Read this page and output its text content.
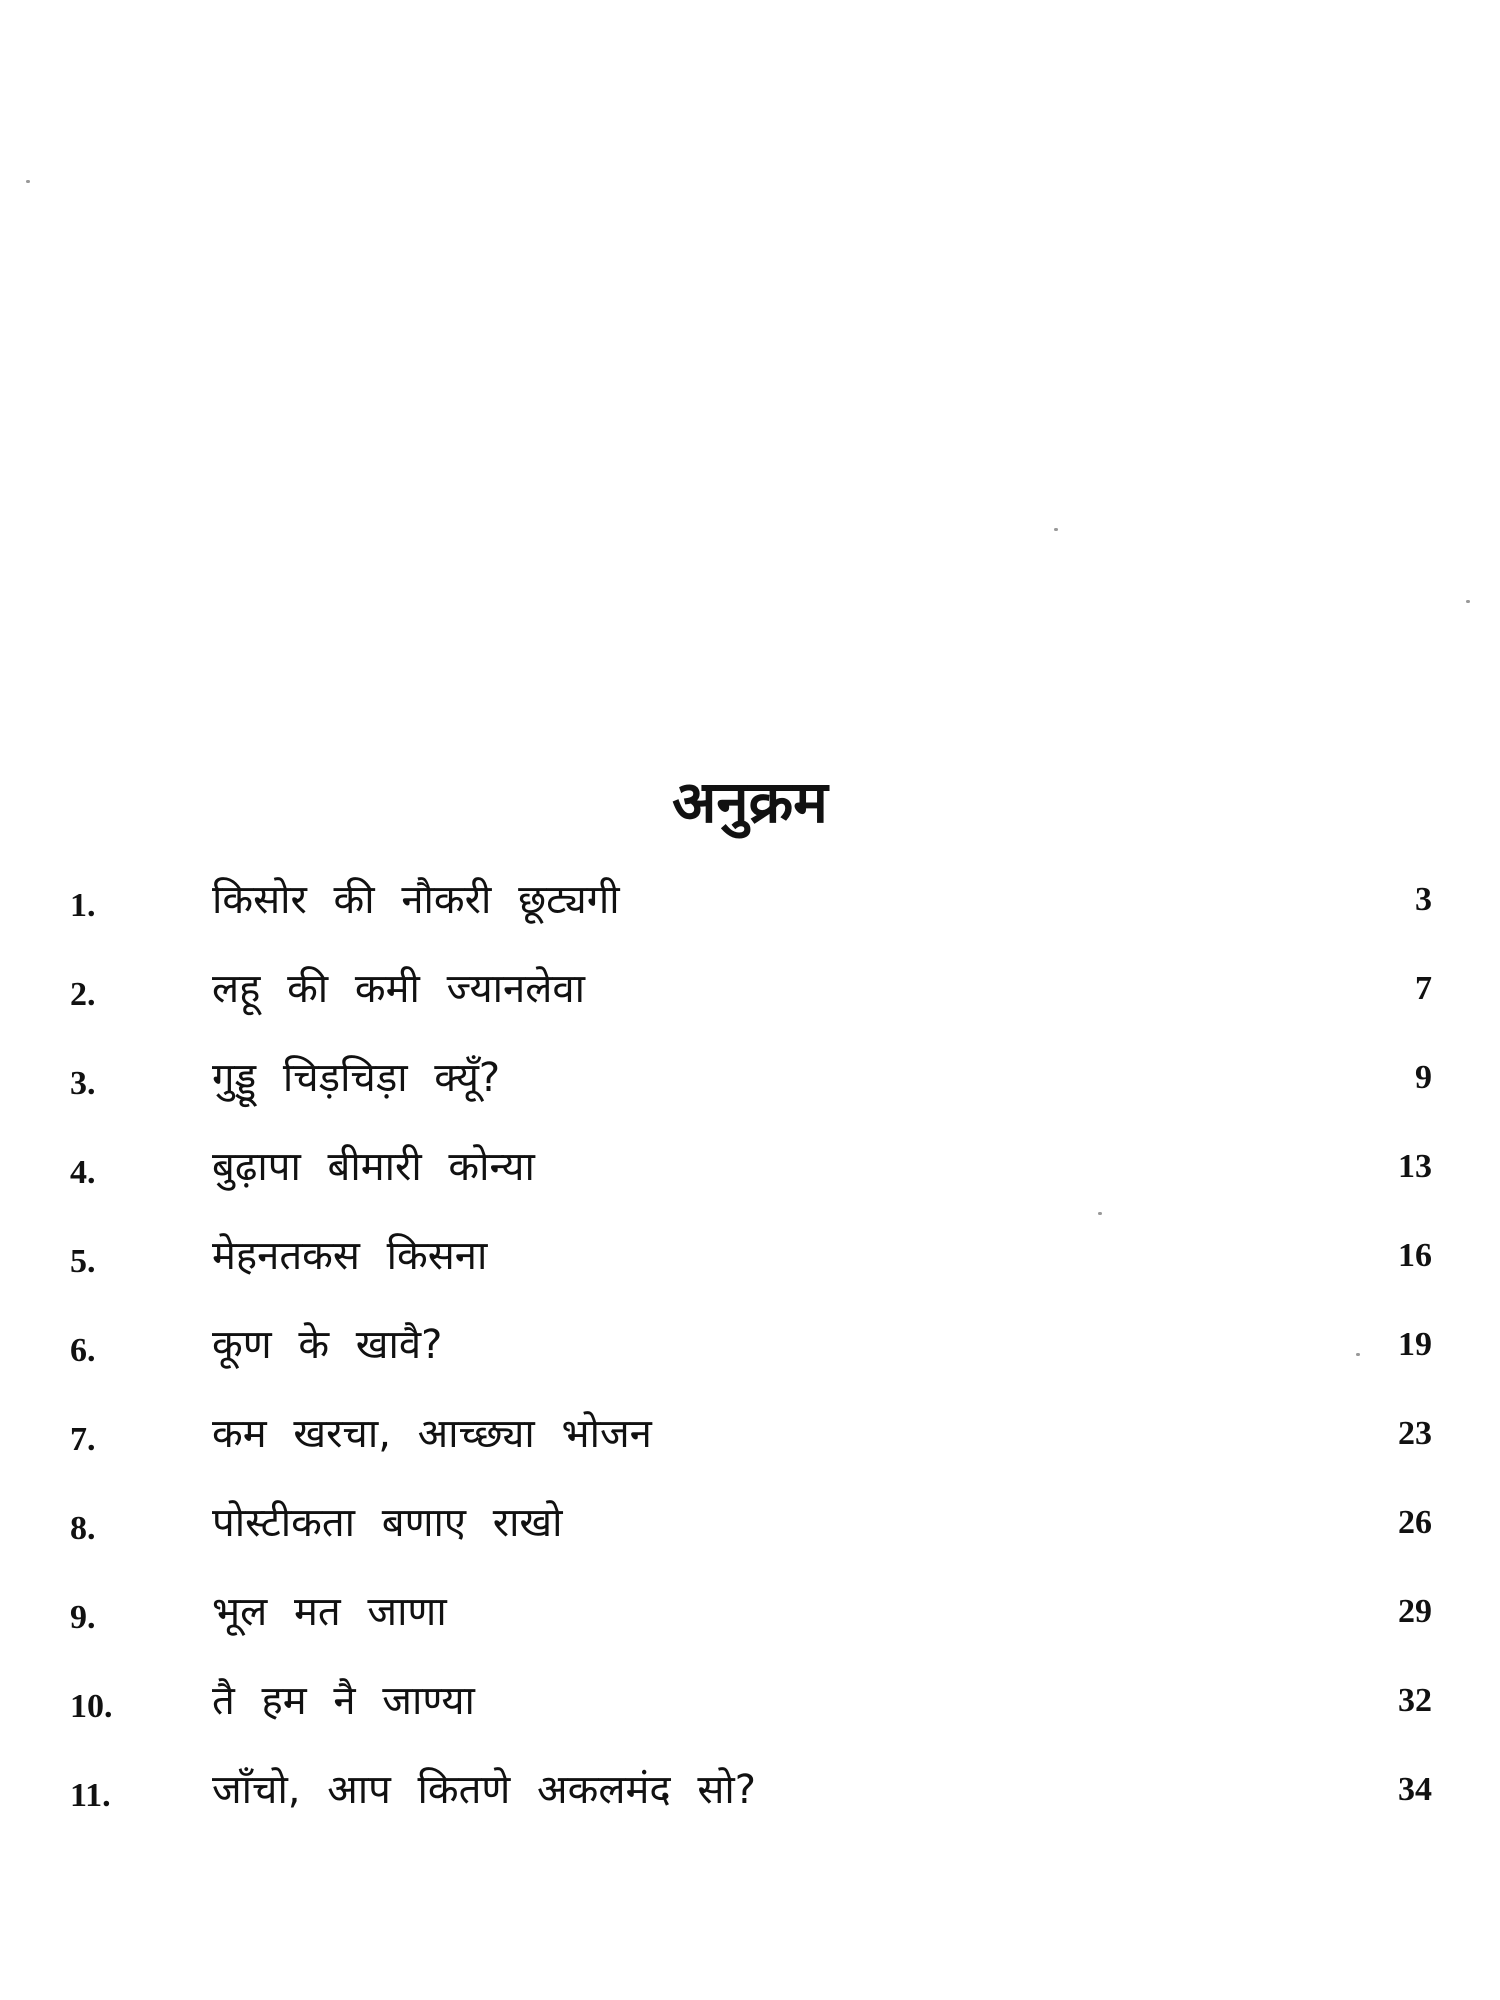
अनुक्रम
1.	किसोर की नौकरी छूट्यगी	3
2.	लहू की कमी ज्यानलेवा	7
3.	गुड्डू चिड़चिड़ा क्यूँ?	9
4.	बुढ़ापा बीमारी कोन्या	13
5.	मेहनतकस किसना	16
6.	कूण के खावै?	19
7.	कम खरचा, आच्छ्या भोजन	23
8.	पोस्टीकता बणाए राखो	26
9.	भूल मत जाणा	29
10. तै हम नै जाण्या	32
11.	जाँचो, आप कितणे अकलमंद सो?	34
